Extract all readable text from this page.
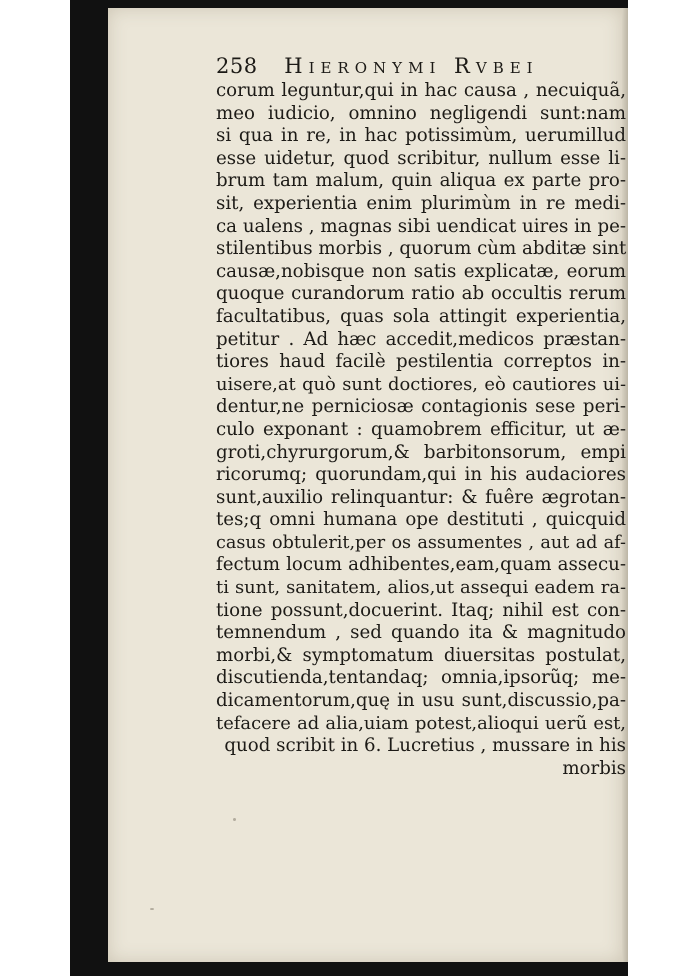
258 Hieronymi Rvbei
corum leguntur,qui in hac causa , necuiquã,
meo iudicio, omnino negligendi sunt:nam
si qua in re, in hac potissimùm, uerumillud
esse uidetur, quod scribitur, nullum esse li-
brum tam malum, quin aliqua ex parte pro-
sit, experientia enim plurimùm in re medi-
ca ualens , magnas sibi uendicat uires in pe-
stilentibus morbis , quorum cùm abditæ sint
causæ,nobisque non satis explicatæ, eorum
quoque curandorum ratio ab occultis rerum
facultatibus, quas sola attingit experientia,
petitur . Ad hæc accedit,medicos præstan-
tiores haud facilè pestilentia correptos in-
uisere,at quò sunt doctiores, eò cautiores ui-
dentur,ne perniciosæ contagionis sese peri-
culo exponant : quamobrem efficitur, ut æ-
groti,chyrurgorum,& barbitonsorum, empi
ricorumq; quorundam,qui in his audaciores
sunt,auxilio relinquantur: & fuêre ægrotan-
tes;q omni humana ope destituti , quicquid
casus obtulerit,per os assumentes , aut ad af-
fectum locum adhibentes,eam,quam assecu-
ti sunt, sanitatem, alios,ut assequi eadem ra-
tione possunt,docuerint. Itaq; nihil est con-
temnendum , sed quando ita & magnitudo
morbi,& symptomatum diuersitas postulat,
discutienda,tentandaq; omnia,ipsorũq; me-
dicamentorum,quę in usu sunt,discussio,pa-
tefacere ad alia,uiam potest,alioqui uerũ est,
quod scribit in 6. Lucretius , mussare in his
morbis
